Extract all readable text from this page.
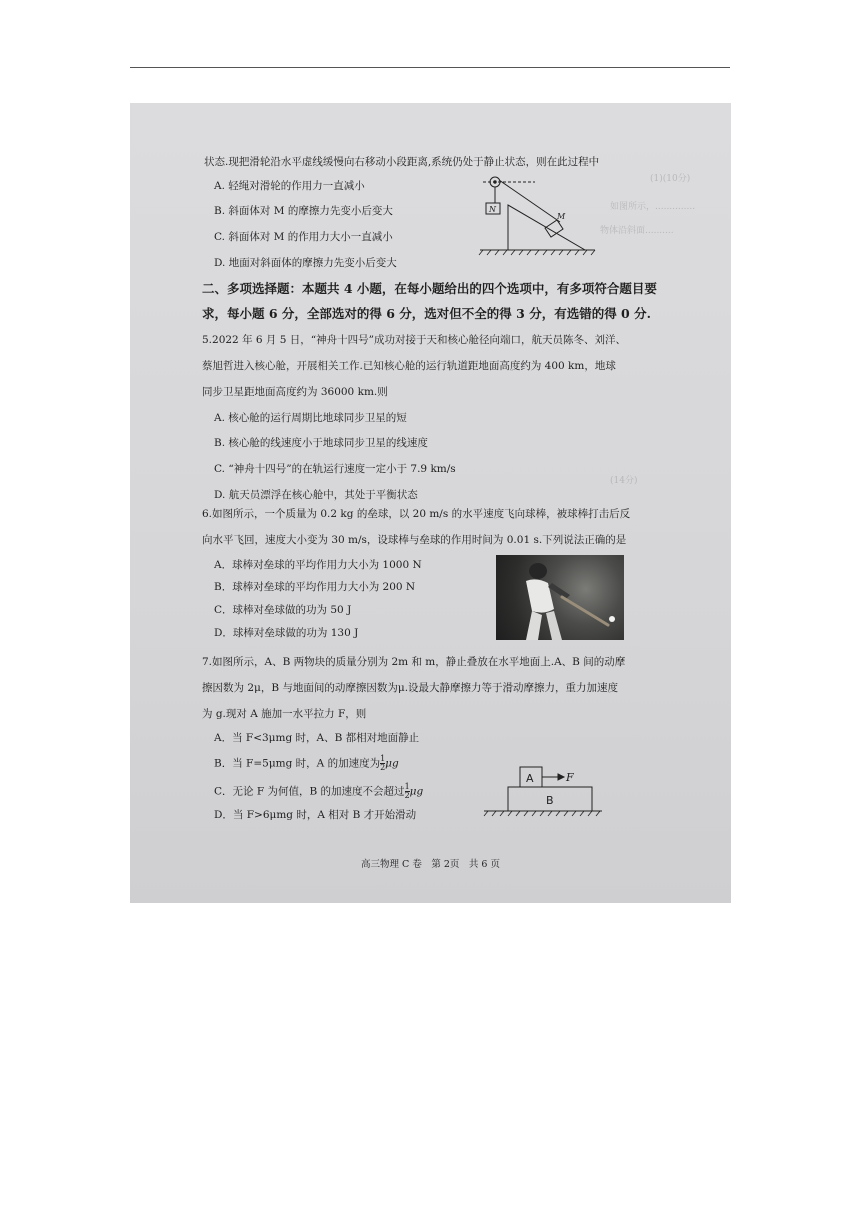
(1)(10分)
如图所示，..............
物体沿斜面..........
(14分)
状态.现把滑轮沿水平虚线缓慢向右移动小段距离,系统仍处于静止状态，则在此过程中
A. 轻绳对滑轮的作用力一直减小
B. 斜面体对 M 的摩擦力先变小后变大
C. 斜面体对 M 的作用力大小一直减小
D. 地面对斜面体的摩擦力先变小后变大
N
M
二、多项选择题：本题共 4 小题，在每小题给出的四个选项中，有多项符合题目要
求，每小题 6 分，全部选对的得 6 分，选对但不全的得 3 分，有选错的得 0 分.
5.2022 年 6 月 5 日，“神舟十四号”成功对接于天和核心舱径向端口，航天员陈冬、刘洋、
蔡旭哲进入核心舱，开展相关工作.已知核心舱的运行轨道距地面高度约为 400 km，地球
同步卫星距地面高度约为 36000 km.则
A. 核心舱的运行周期比地球同步卫星的短
B. 核心舱的线速度小于地球同步卫星的线速度
C. “神舟十四号”的在轨运行速度一定小于 7.9 km/s
D. 航天员漂浮在核心舱中，其处于平衡状态
6.如图所示，一个质量为 0.2 kg 的垒球，以 20 m/s 的水平速度飞向球棒，被球棒打击后反
向水平飞回，速度大小变为 30 m/s，设球棒与垒球的作用时间为 0.01 s.下列说法正确的是
A．球棒对垒球的平均作用力大小为 1000 N
B．球棒对垒球的平均作用力大小为 200 N
C．球棒对垒球做的功为 50 J
D．球棒对垒球做的功为 130 J
7.如图所示，A、B 两物块的质量分别为 2m 和 m，静止叠放在水平地面上.A、B 间的动摩
擦因数为 2μ，B 与地面间的动摩擦因数为μ.设最大静摩擦力等于滑动摩擦力，重力加速度
为 g.现对 A 施加一水平拉力 F，则
A．当 F<3μmg 时，A、B 都相对地面静止
B．当 F=5μmg 时，A 的加速度为 $\frac{1}{2}$ μg
C．无论 F 为何值，B 的加速度不会超过 $\frac{1}{2}$ μg
D．当 F>6μmg 时，A 相对 B 才开始滑动
A
B
F
高三物理 C 卷　第 2页　共 6 页
